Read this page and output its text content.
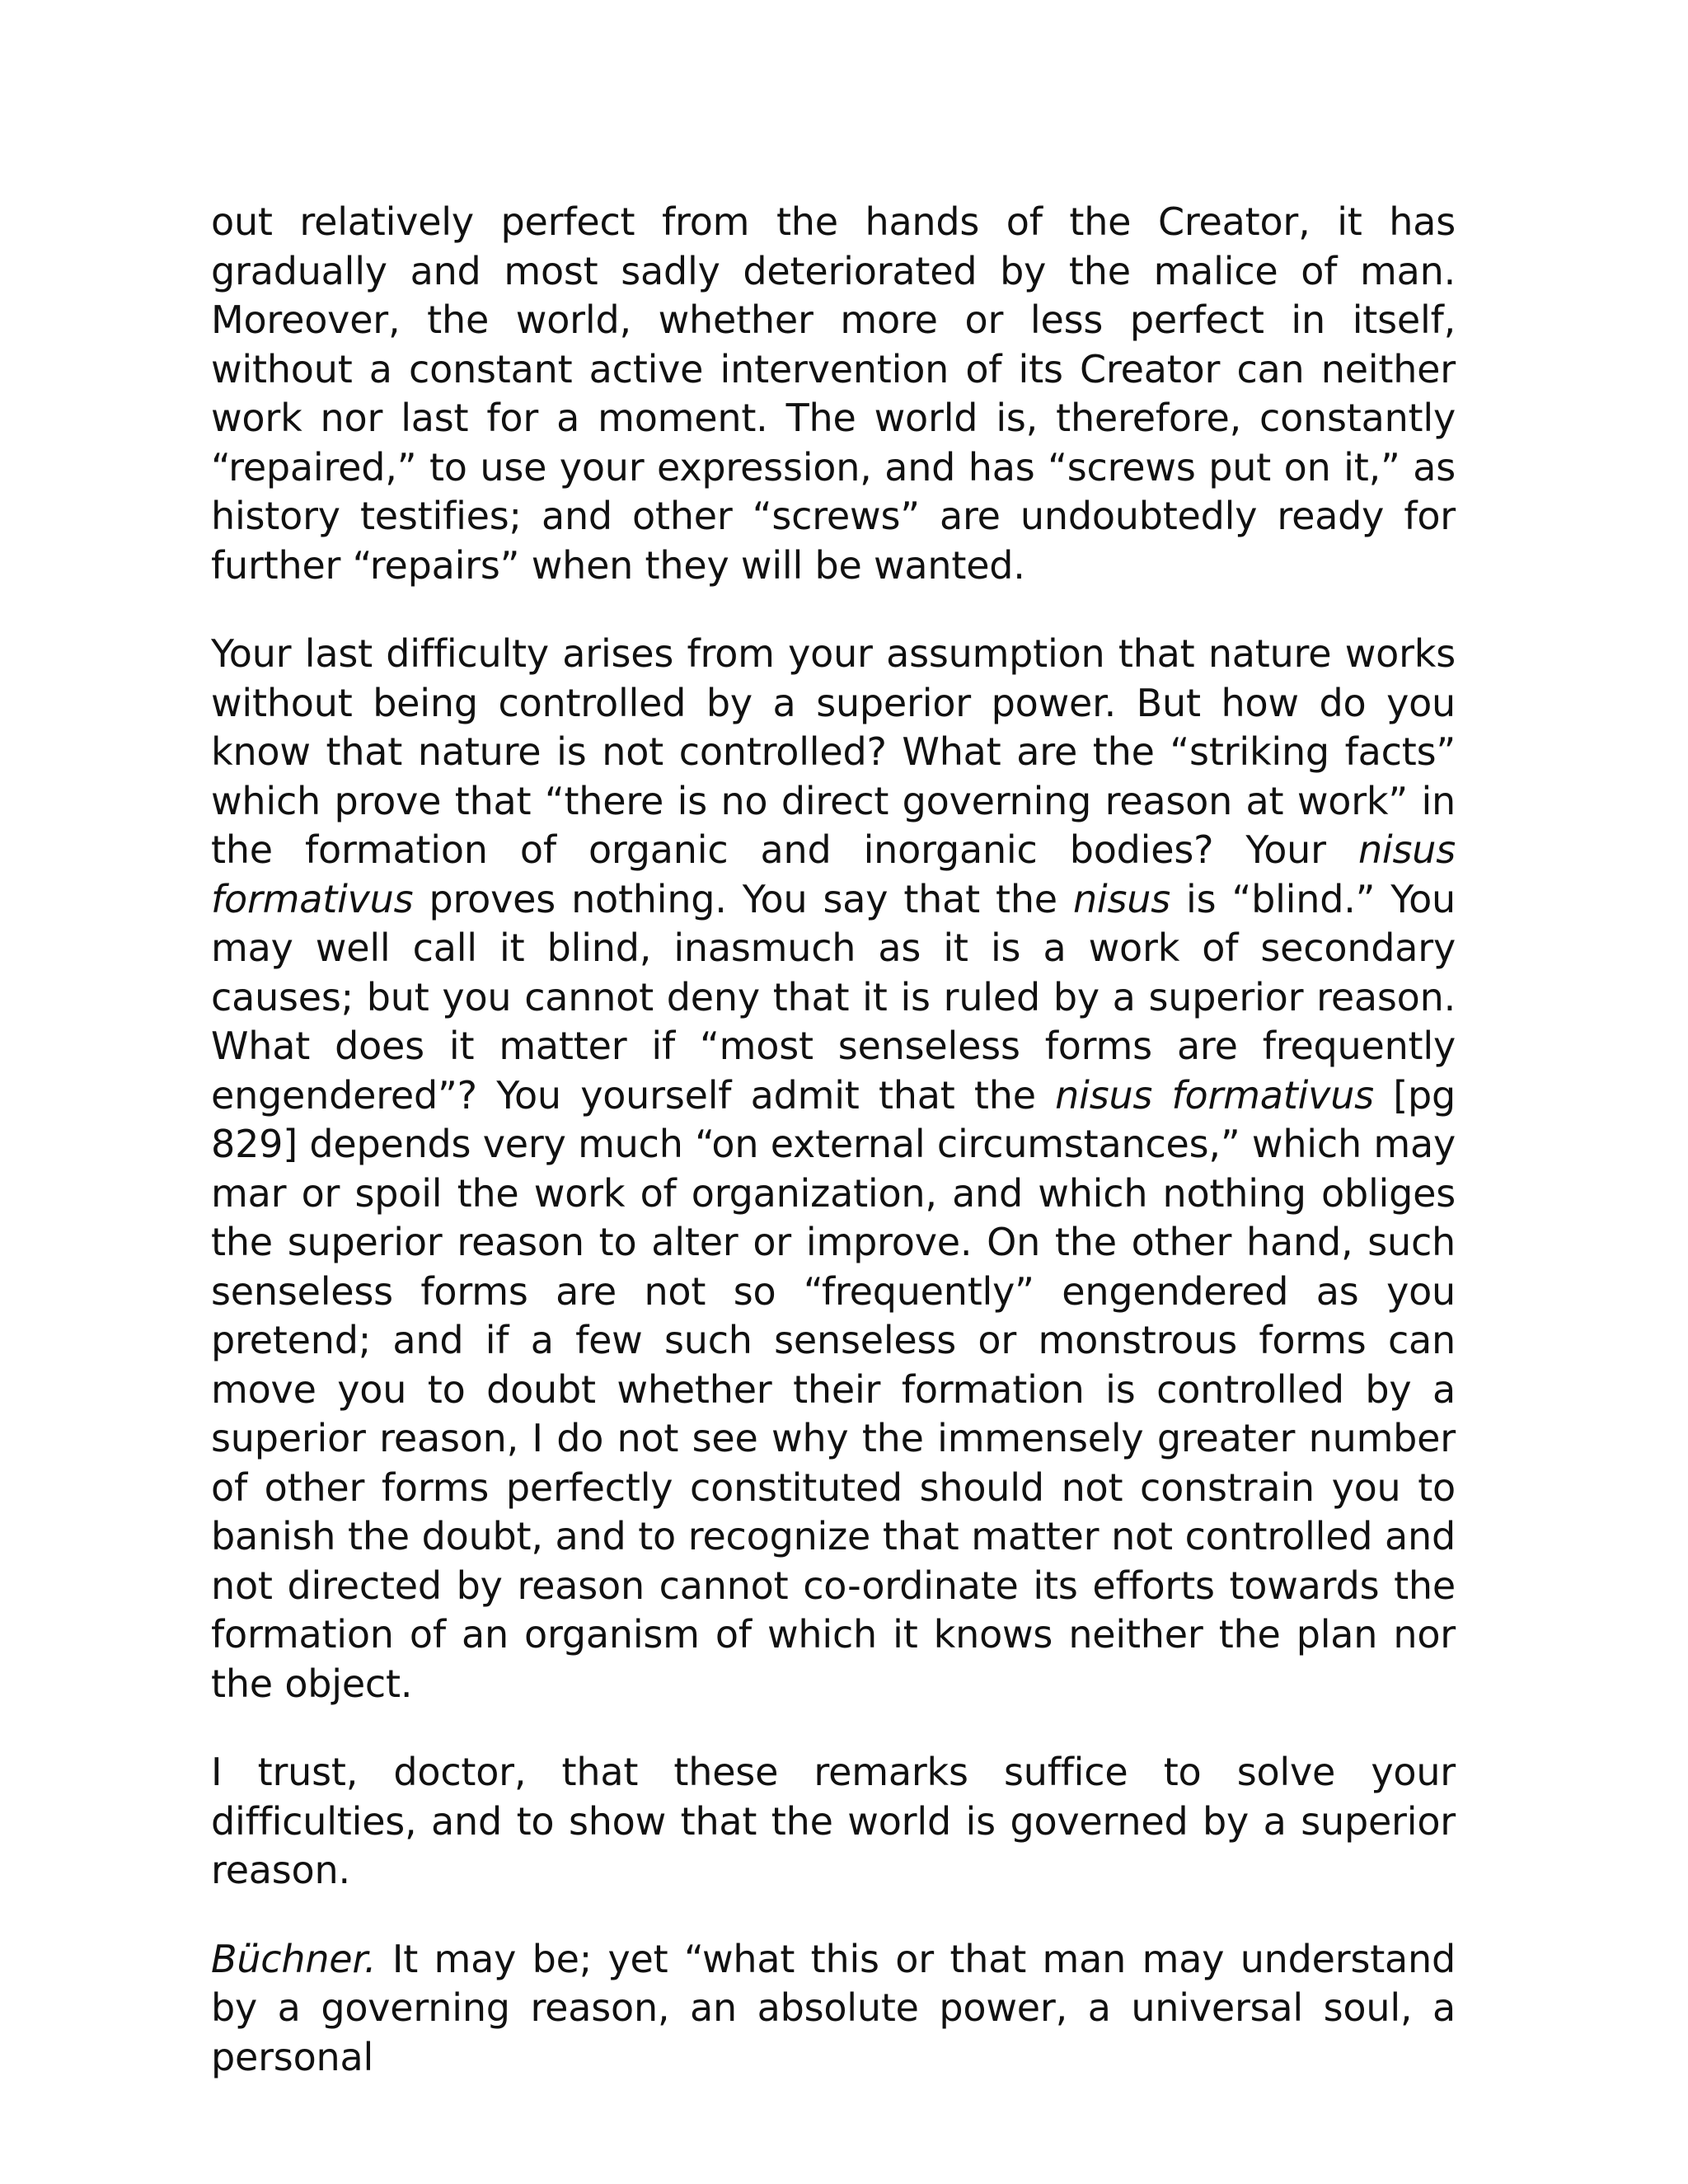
out relatively perfect from the hands of the Creator, it has gradually and most sadly deteriorated by the malice of man. Moreover, the world, whether more or less perfect in itself, without a constant active intervention of its Creator can neither work nor last for a moment. The world is, therefore, constantly “repaired,” to use your expression, and has “screws put on it,” as history testifies; and other “screws” are undoubtedly ready for further “repairs” when they will be wanted.

Your last difficulty arises from your assumption that nature works without being controlled by a superior power. But how do you know that nature is not controlled? What are the “striking facts” which prove that “there is no direct governing reason at work” in the formation of organic and inorganic bodies? Your nisus formativus proves nothing. You say that the nisus is “blind.” You may well call it blind, inasmuch as it is a work of secondary causes; but you cannot deny that it is ruled by a superior reason. What does it matter if “most senseless forms are frequently engendered”? You yourself admit that the nisus formativus [pg 829] depends very much “on external circumstances,” which may mar or spoil the work of organization, and which nothing obliges the superior reason to alter or improve. On the other hand, such senseless forms are not so “frequently” engendered as you pretend; and if a few such senseless or monstrous forms can move you to doubt whether their formation is controlled by a superior reason, I do not see why the immensely greater number of other forms perfectly constituted should not constrain you to banish the doubt, and to recognize that matter not controlled and not directed by reason cannot co-ordinate its efforts towards the formation of an organism of which it knows neither the plan nor the object.

I trust, doctor, that these remarks suffice to solve your difficulties, and to show that the world is governed by a superior reason.

Büchner. It may be; yet “what this or that man may understand by a governing reason, an absolute power, a universal soul, a personal
